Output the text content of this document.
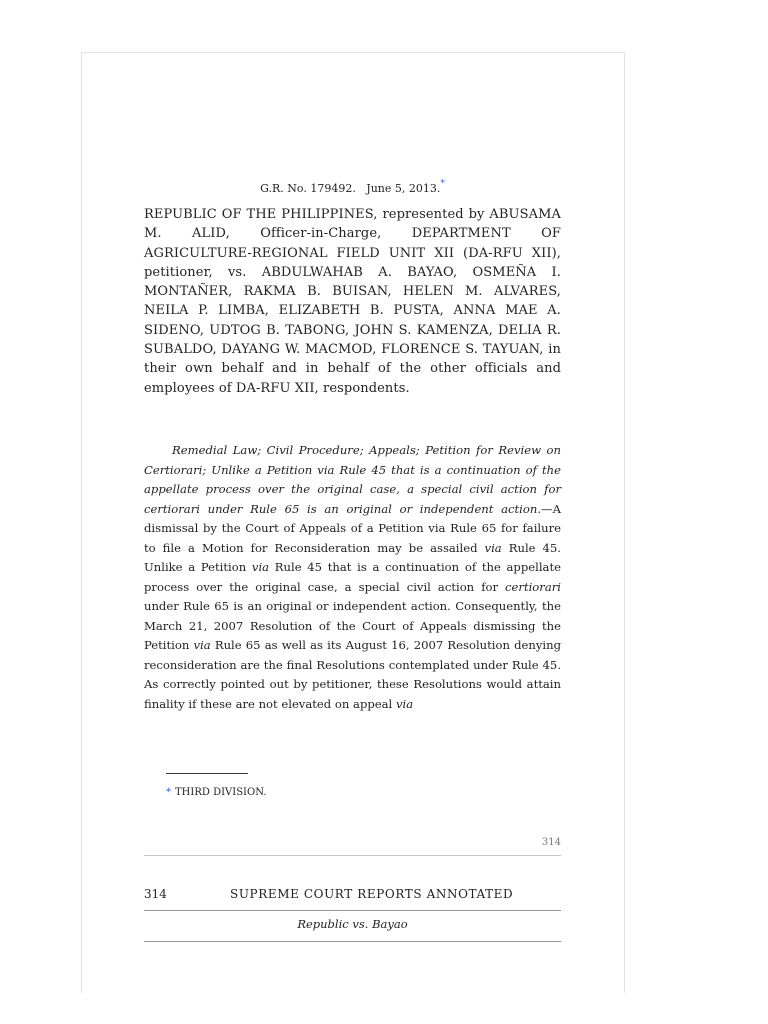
G.R. No. 179492. June 5, 2013.*
REPUBLIC OF THE PHILIPPINES, represented by ABUSAMA M. ALID, Officer-in-Charge, DEPARTMENT OF AGRICULTURE-REGIONAL FIELD UNIT XII (DA-RFU XII), petitioner, vs. ABDULWAHAB A. BAYAO, OSMEÑA I. MONTAÑER, RAKMA B. BUISAN, HELEN M. ALVARES, NEILA P. LIMBA, ELIZABETH B. PUSTA, ANNA MAE A. SIDENO, UDTOG B. TABONG, JOHN S. KAMENZA, DELIA R. SUBALDO, DAYANG W. MACMOD, FLORENCE S. TAYUAN, in their own behalf and in behalf of the other officials and employees of DA-RFU XII, respondents.
Remedial Law; Civil Procedure; Appeals; Petition for Review on Certiorari; Unlike a Petition via Rule 45 that is a continuation of the appellate process over the original case, a special civil action for certiorari under Rule 65 is an original or independent action.—A dismissal by the Court of Appeals of a Petition via Rule 65 for failure to file a Motion for Reconsideration may be assailed via Rule 45. Unlike a Petition via Rule 45 that is a continuation of the appellate process over the original case, a special civil action for certiorari under Rule 65 is an original or independent action. Consequently, the March 21, 2007 Resolution of the Court of Appeals dismissing the Petition via Rule 65 as well as its August 16, 2007 Resolution denying reconsideration are the final Resolutions contemplated under Rule 45. As correctly pointed out by petitioner, these Resolutions would attain finality if these are not elevated on appeal via
* THIRD DIVISION.
314
314	SUPREME COURT REPORTS ANNOTATED
Republic vs. Bayao
